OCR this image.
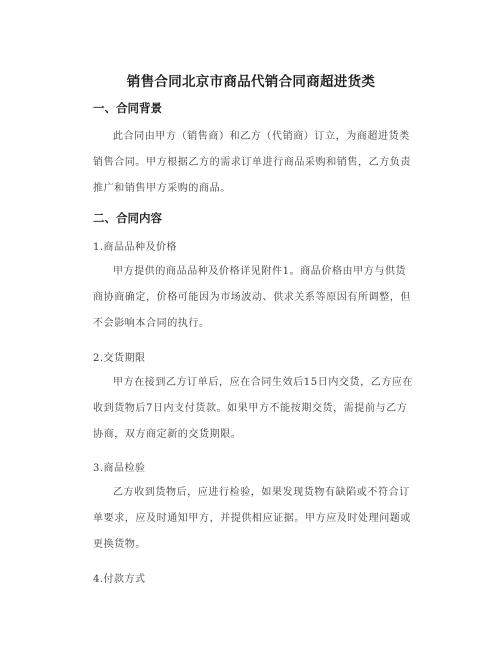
销售合同北京市商品代销合同商超进货类
一、合同背景
此合同由甲方（销售商）和乙方（代销商）订立，为商超进货类销售合同。甲方根据乙方的需求订单进行商品采购和销售，乙方负责推广和销售甲方采购的商品。
二、合同内容
1.商品品种及价格
甲方提供的商品品种及价格详见附件1。商品价格由甲方与供货商协商确定，价格可能因为市场波动、供求关系等原因有所调整，但不会影响本合同的执行。
2.交货期限
甲方在接到乙方订单后，应在合同生效后15日内交货，乙方应在收到货物后7日内支付货款。如果甲方不能按期交货，需提前与乙方协商，双方商定新的交货期限。
3.商品检验
乙方收到货物后，应进行检验，如果发现货物有缺陷或不符合订单要求，应及时通知甲方，并提供相应证据。甲方应及时处理问题或更换货物。
4.付款方式
